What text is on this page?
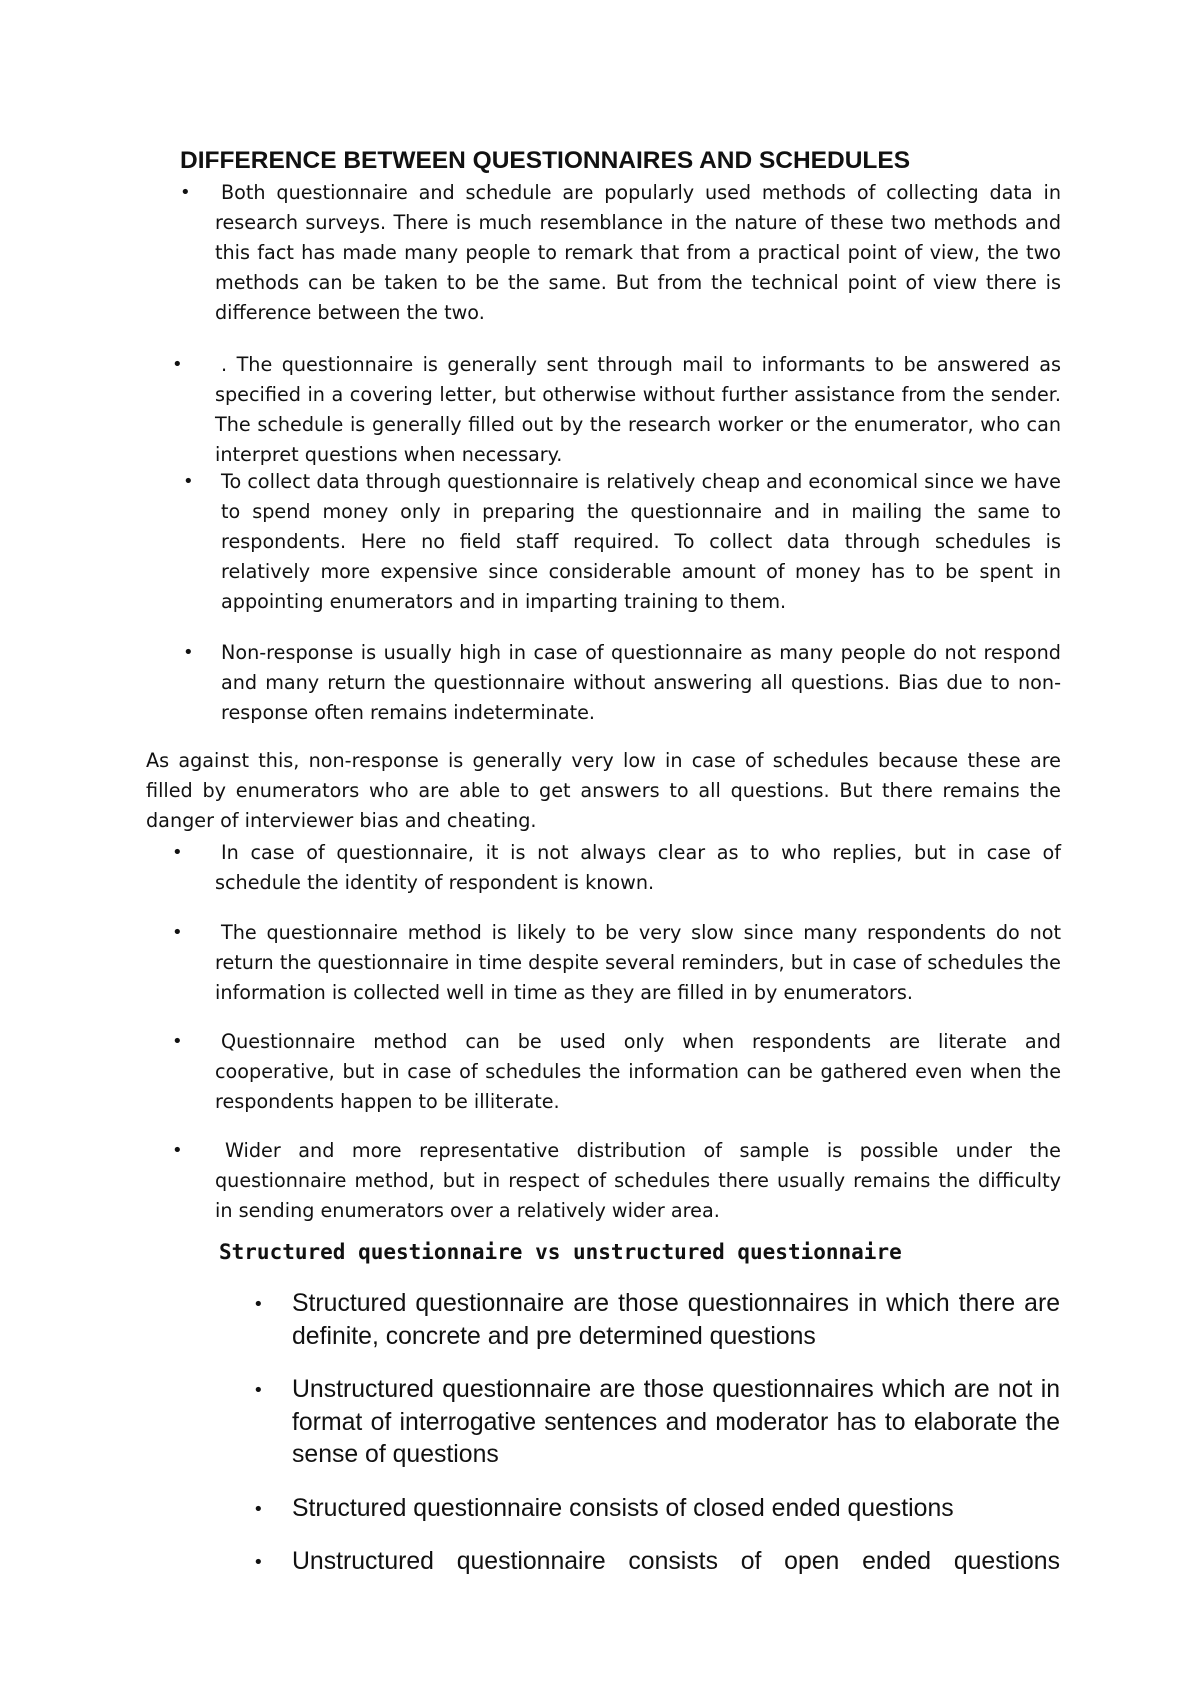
DIFFERENCE BETWEEN QUESTIONNAIRES AND SCHEDULES
•	Both questionnaire and schedule are popularly used methods of collecting data in research surveys. There is much resemblance in the nature of these two methods and this fact has made many people to remark that from a practical point of view, the two methods can be taken to be the same. But from the technical point of view there is difference between the two.

•	. The questionnaire is generally sent through mail to informants to be answered as specified in a covering letter, but otherwise without further assistance from the sender. The schedule is generally filled out by the research worker or the enumerator, who can interpret questions when necessary.

• To collect data through questionnaire is relatively cheap and economical since we have to spend money only in preparing the questionnaire and in mailing the same to respondents. Here no field staff required. To collect data through schedules is relatively more expensive since considerable amount of money has to be spent in appointing enumerators and in imparting training to them.

• Non-response is usually high in case of questionnaire as many people do not respond and many return the questionnaire without answering all questions. Bias due to non-response often remains indeterminate.

As against this, non-response is generally very low in case of schedules because these are filled by enumerators who are able to get answers to all questions. But there remains the danger of interviewer bias and cheating.

•	In case of questionnaire, it is not always clear as to who replies, but in case of schedule the identity of respondent is known.

•	The questionnaire method is likely to be very slow since many respondents do not return the questionnaire in time despite several reminders, but in case of schedules the information is collected well in time as they are filled in by enumerators.

•	Questionnaire method can be used only when respondents are literate and cooperative, but in case of schedules the information can be gathered even when the respondents happen to be illiterate.

•	Wider and more representative distribution of sample is possible under the questionnaire method, but in respect of schedules there usually remains the difficulty in sending enumerators over a relatively wider area.

Structured questionnaire vs unstructured questionnaire
• Structured questionnaire are those questionnaires in which there are definite, concrete and pre determined questions

• Unstructured questionnaire are those questionnaires which are not in format of interrogative sentences and moderator has to elaborate the sense of questions

• Structured questionnaire consists of closed ended questions

• Unstructured questionnaire consists of open ended questions
